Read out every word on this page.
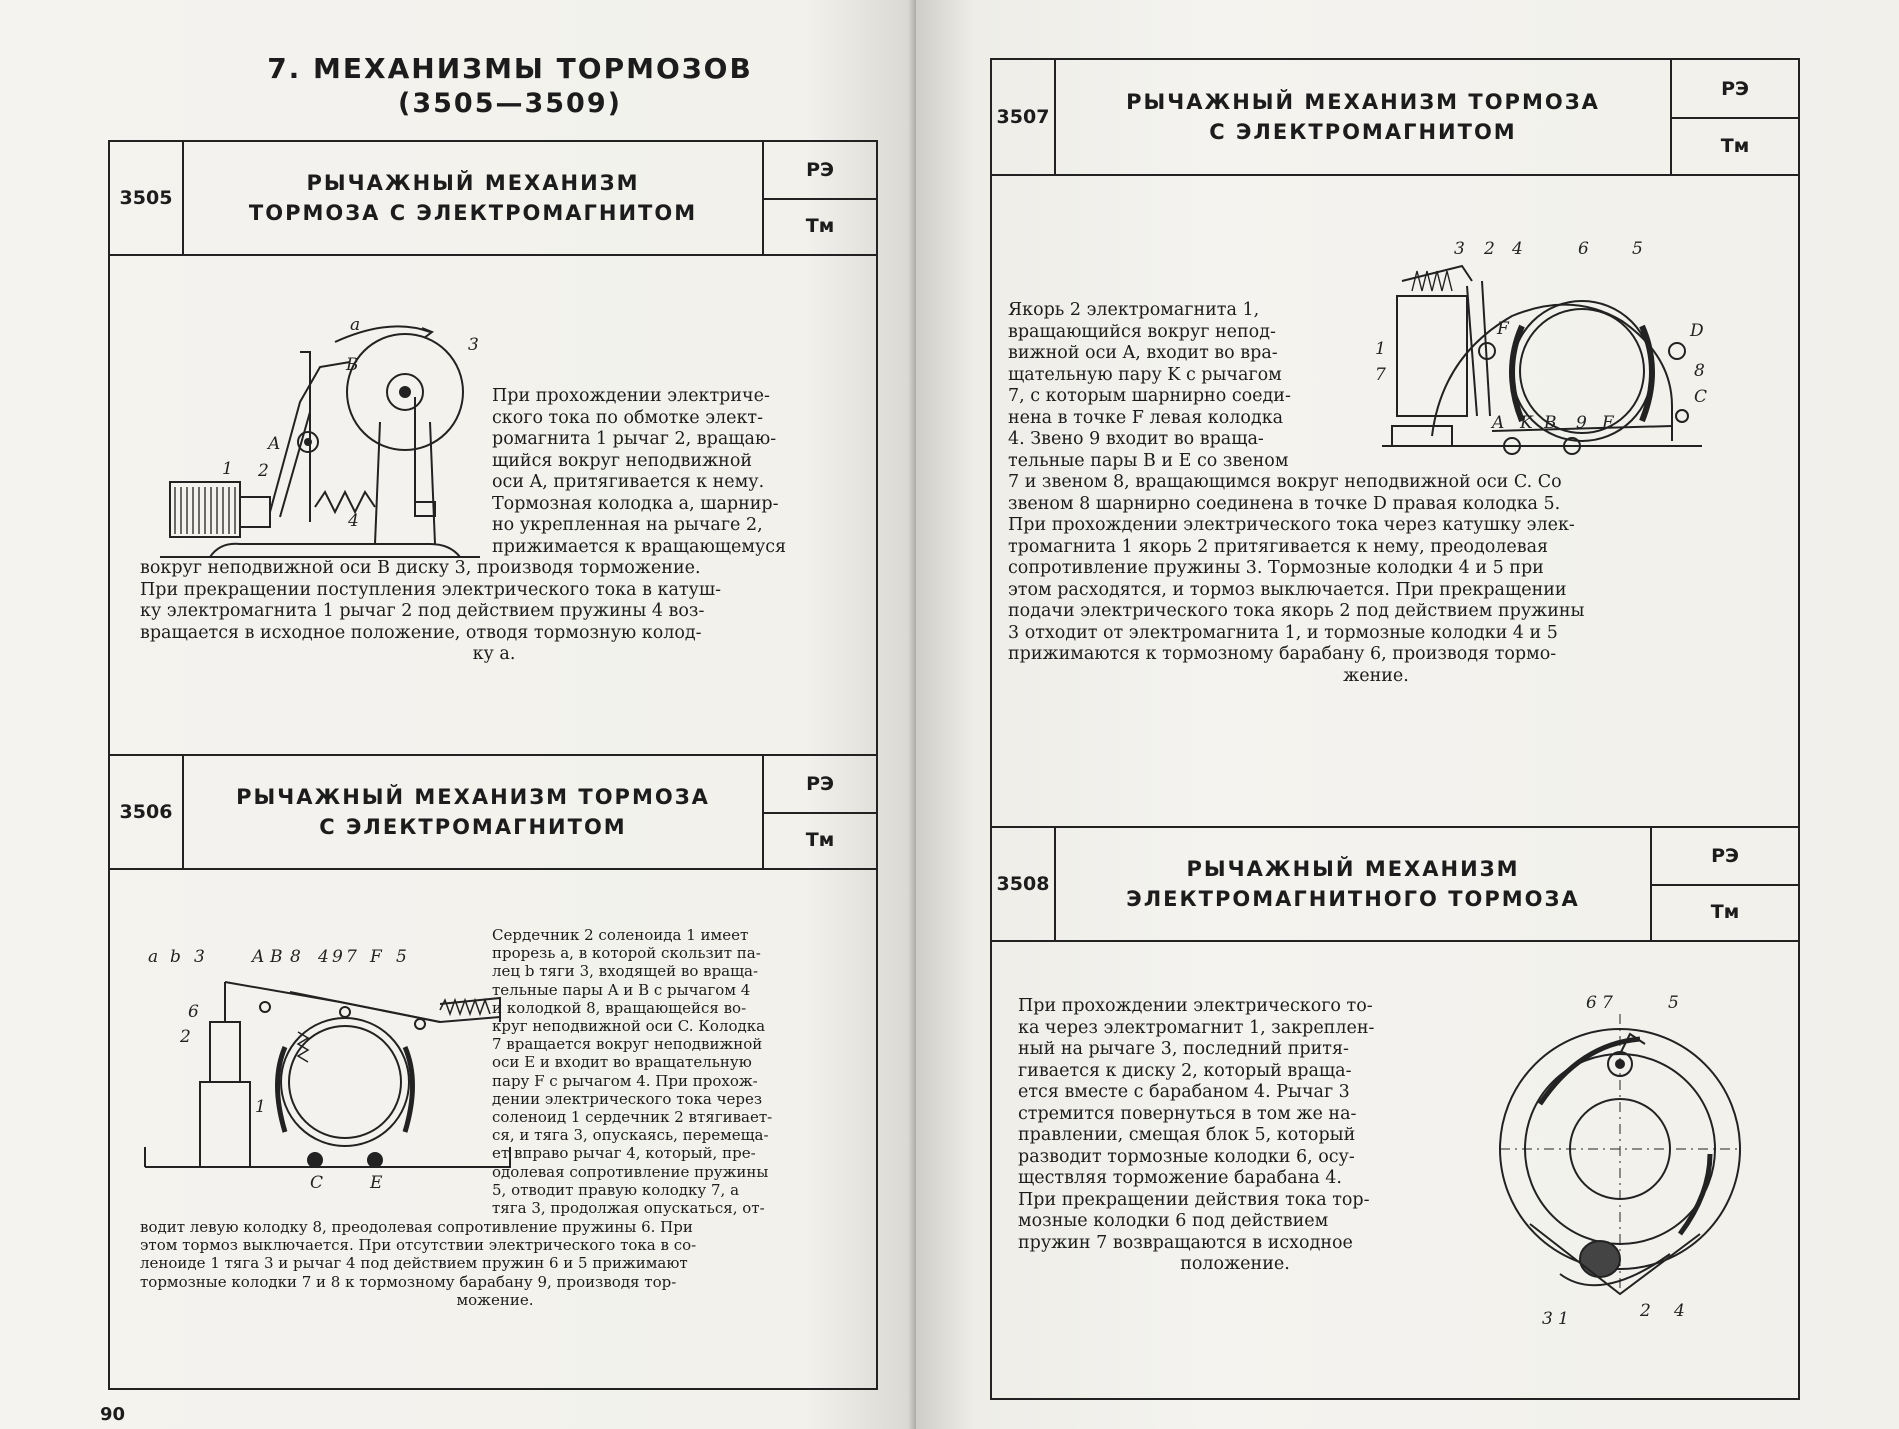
7. МЕХАНИЗМЫ ТОРМОЗОВ
(3505—3509)
3505
РЫЧАЖНЫЙ МЕХАНИЗМ
ТОРМОЗА С ЭЛЕКТРОМАГНИТОМ
РЭ
Тм
a
B
3
A
2
1
4

При прохождении электриче-

ского тока по обмотке элект-

ромагнита 1 рычаг 2, вращаю-

щийся вокруг неподвижной

оси A, притягивается к нему.

Тормозная колодка a, шарнир-

но укрепленная на рычаге 2,

прижимается к вращающемуся

вокруг неподвижной оси B диску 3, производя торможение.

При прекращении поступления электрического тока в катуш-

ку электромагнита 1 рычаг 2 под действием пружины 4 воз-

вращается в исходное положение, отводя тормозную колод-

ку a.

3506
РЫЧАЖНЫЙ МЕХАНИЗМ ТОРМОЗА
С ЭЛЕКТРОМАГНИТОМ
РЭ
Тм
a b 3	A B 8 4 9 7 F 5
6
2
1
C	E

Сердечник 2 соленоида 1 имеет

прорезь a, в которой скользит па-

лец b тяги 3, входящей во враща-

тельные пары A и B с рычагом 4

и колодкой 8, вращающейся во-

круг неподвижной оси C. Колодка

7 вращается вокруг неподвижной

оси E и входит во вращательную

пару F с рычагом 4. При прохож-

дении электрического тока через

соленоид 1 сердечник 2 втягивает-

ся, и тяга 3, опускаясь, перемеща-

ет вправо рычаг 4, который, пре-

одолевая сопротивление пружины

5, отводит правую колодку 7, а

тяга 3, продолжая опускаться, от-

водит левую колодку 8, преодолевая сопротивление пружины 6. При

этом тормоз выключается. При отсутствии электрического тока в со-

леноиде 1 тяга 3 и рычаг 4 под действием пружин 6 и 5 прижимают

тормозные колодки 7 и 8 к тормозному барабану 9, производя тор-

можение.

90
3507
РЫЧАЖНЫЙ МЕХАНИЗМ ТОРМОЗА
С ЭЛЕКТРОМАГНИТОМ
РЭ
Тм
3 2 4	6	5
1
7
F	D
8
C
A K B 9 E

Якорь 2 электромагнита 1,

вращающийся вокруг непод-

вижной оси A, входит во вра-

щательную пару K с рычагом

7, с которым шарнирно соеди-

нена в точке F левая колодка

4. Звено 9 входит во враща-

тельные пары B и E со звеном

7 и звеном 8, вращающимся вокруг неподвижной оси C. Со

звеном 8 шарнирно соединена в точке D правая колодка 5.

При прохождении электрического тока через катушку элек-

тромагнита 1 якорь 2 притягивается к нему, преодолевая

сопротивление пружины 3. Тормозные колодки 4 и 5 при

этом расходятся, и тормоз выключается. При прекращении

подачи электрического тока якорь 2 под действием пружины

3 отходит от электромагнита 1, и тормозные колодки 4 и 5

прижимаются к тормозному барабану 6, производя тормо-

жение.

3508
РЫЧАЖНЫЙ МЕХАНИЗМ
ЭЛЕКТРОМАГНИТНОГО ТОРМОЗА
РЭ
Тм
6 7	5
3 1	2 4

При прохождении электрического то-

ка через электромагнит 1, закреплен-

ный на рычаге 3, последний притя-

гивается к диску 2, который враща-

ется вместе с барабаном 4. Рычаг 3

стремится повернуться в том же на-

правлении, смещая блок 5, который

разводит тормозные колодки 6, осу-

ществляя торможение барабана 4.

При прекращении действия тока тор-

мозные колодки 6 под действием

пружин 7 возвращаются в исходное

положение.
